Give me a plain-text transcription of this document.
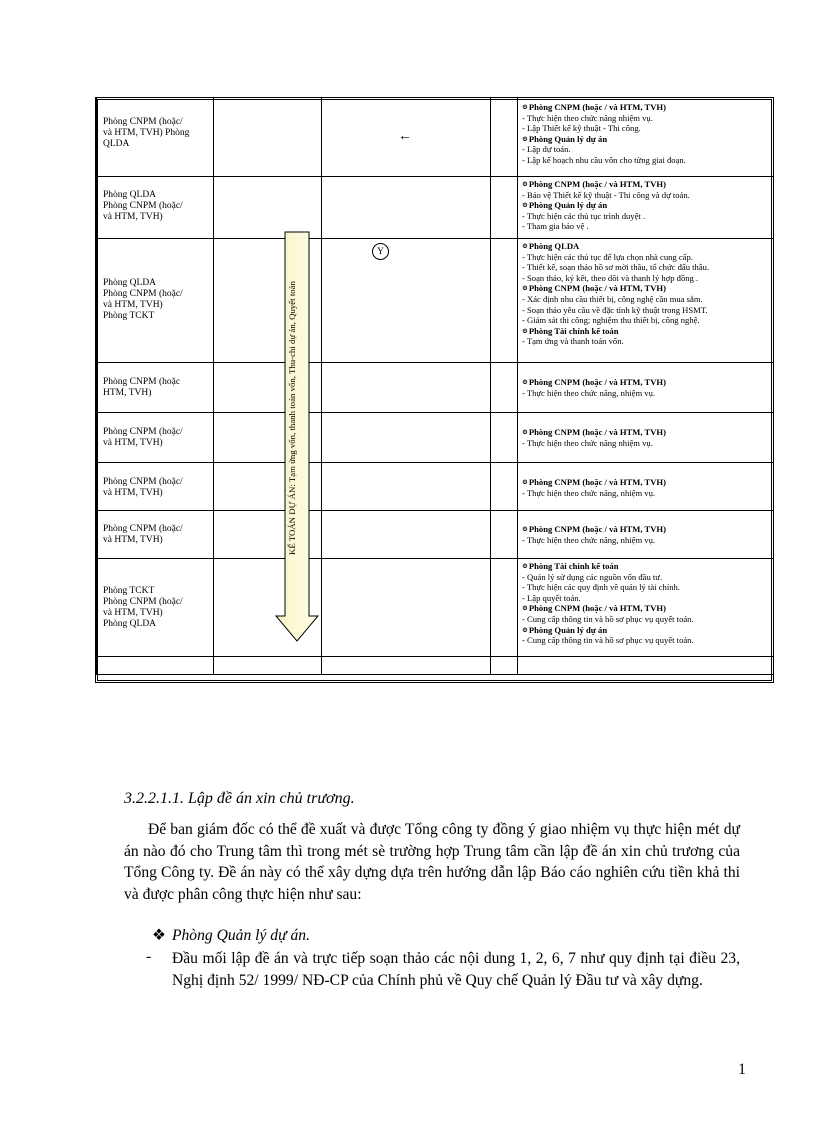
Phòng CNPM (hoặc/
và HTM, TVH) Phòng
QLDA
⊙Phòng CNPM (hoặc / và HTM, TVH)
- Thực hiện theo chức năng nhiệm vụ.
- Lập Thiết kế kỹ thuật - Thi công.
⊙Phòng Quản lý dự án
- Lập dự toán.
- Lập kế hoạch nhu cầu vốn cho từng giai đoạn.
Phòng QLDA
Phòng CNPM (hoặc/
và HTM, TVH)
⊙Phòng CNPM (hoặc / và HTM, TVH)
- Bảo vệ Thiết kế kỹ thuật - Thi công và dự toán.
⊙Phòng Quản lý dự án
- Thực hiện các thủ tục trình duyệt .
- Tham gia bảo vệ .
Phòng QLDA
Phòng CNPM (hoặc/
và HTM, TVH)
Phòng TCKT
⊙Phòng QLDA
- Thực hiện các thủ tục để lựa chọn nhà cung cấp.
- Thiết kế, soạn thảo hồ sơ mời thầu, tổ chức đấu thầu.
- Soạn thảo, ký kết, theo dõi và thanh lý hợp đồng .
⊙Phòng CNPM (hoặc / và HTM, TVH)
- Xác định nhu cầu thiết bị, công nghệ cần mua sắm.
- Soạn thảo yêu cầu về đặc tính kỹ thuật trong HSMT.
- Giám sát thi công; nghiệm thu thiết bị, công nghệ.
⊙Phòng Tài chính kế toán
- Tạm ứng và thanh toán vốn.
Phòng CNPM (hoặc
HTM, TVH)
⊙Phòng CNPM (hoặc / và HTM, TVH)
- Thực hiện theo chức năng, nhiệm vụ.
Phòng CNPM (hoặc/
và HTM, TVH)
⊙Phòng CNPM (hoặc / và HTM, TVH)
- Thực hiện theo chức năng nhiệm vụ.
Phòng CNPM (hoặc/
và HTM, TVH)
⊙Phòng CNPM (hoặc / và HTM, TVH)
- Thực hiện theo chức năng, nhiệm vụ.
Phòng CNPM (hoặc/
và HTM, TVH)
⊙Phòng CNPM (hoặc / và HTM, TVH)
- Thực hiện theo chức năng, nhiệm vụ.
Phòng TCKT
Phòng CNPM (hoặc/
và HTM, TVH)
Phòng QLDA
⊙Phòng Tài chính kế toán
- Quản lý sử dụng các nguồn vốn đầu tư.
- Thực hiện các quy định về quản lý tài chính.
- Lập quyết toán.
⊙Phòng CNPM (hoặc / và HTM, TVH)
- Cung cấp thông tin và hồ sơ phục vụ quyết toán.
⊙Phòng Quản lý dự án
- Cung cấp thông tin và hồ sơ phục vụ quyết toán.
←
Y
KẾ TOÁN DỰ ÁN: Tạm ứng vốn, thanh toán vốn, Thu-chi dự án, Quyết toán
3.2.2.1.1. Lập đề án xin chủ trương.
Để ban giám đốc có thể đề xuất và được Tổng công ty đồng ý giao nhiệm vụ thực hiện mét dự án nào đó cho Trung tâm thì trong mét sè trường hợp Trung tâm cần lập đề án xin chủ trương của Tổng Công ty. Đề án này có thể xây dựng dựa trên hướng dẫn lập Báo cáo nghiên cứu tiền khả thi và được phân công thực hiện như sau:
❖ Phòng Quản lý dự án.
- Đầu mối lập đề án và trực tiếp soạn thảo các nội dung 1, 2, 6, 7 như quy định tại điều 23, Nghị định 52/ 1999/ NĐ-CP của Chính phủ về Quy chế Quản lý Đầu tư và xây dựng.
1
